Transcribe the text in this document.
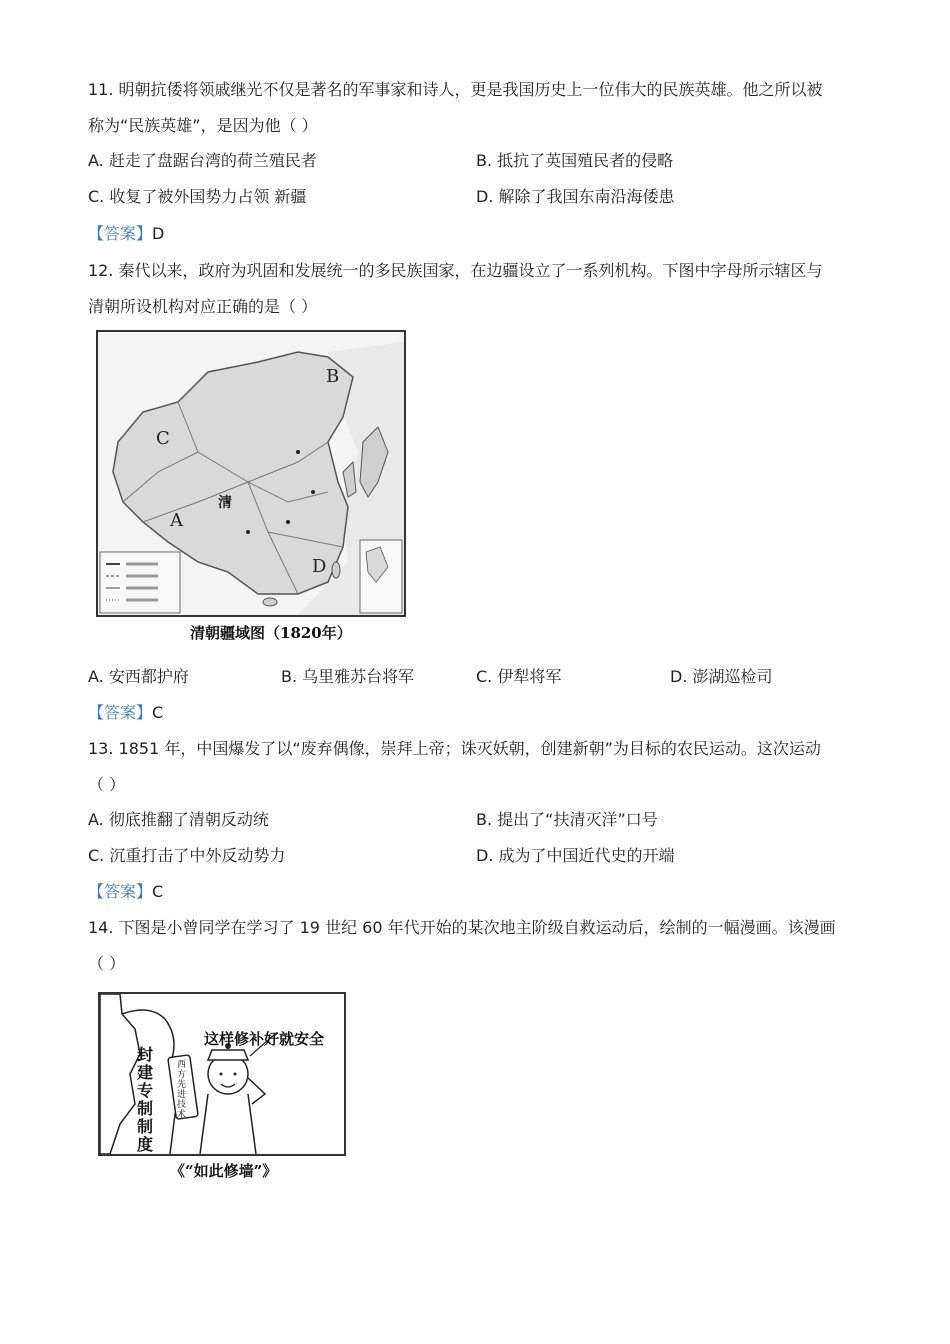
11. 明朝抗倭将领戚继光不仅是著名的军事家和诗人，更是我国历史上一位伟大的民族英雄。他之所以被
称为“民族英雄”，是因为他（ ）
A. 赶走了盘踞台湾的荷兰殖民者	B. 抵抗了英国殖民者的侵略
C. 收复了被外国势力占领 新疆	D. 解除了我国东南沿海倭患
【答案】D
12. 秦代以来，政府为巩固和发展统一的多民族国家，在边疆设立了一系列机构。下图中字母所示辖区与
清朝所设机构对应正确的是（ ）
B
C
A
D
清
清朝疆域图（1820年）
A. 安西都护府	B. 乌里雅苏台将军	C. 伊犁将军	D. 澎湖巡检司
【答案】C
13. 1851 年，中国爆发了以“废弃偶像，崇拜上帝；诛灭妖朝，创建新朝”为目标的农民运动。这次运动
（ ）
A. 彻底推翻了清朝反动统	B. 提出了“扶清灭洋”口号
C. 沉重打击了中外反动势力	D. 成为了中国近代史的开端
【答案】C
14. 下图是小曾同学在学习了 19 世纪 60 年代开始的某次地主阶级自救运动后，绘制的一幅漫画。该漫画
（ ）
这样修补好就安全
封建专制制度
西方先进技术
《“如此修墙”》
